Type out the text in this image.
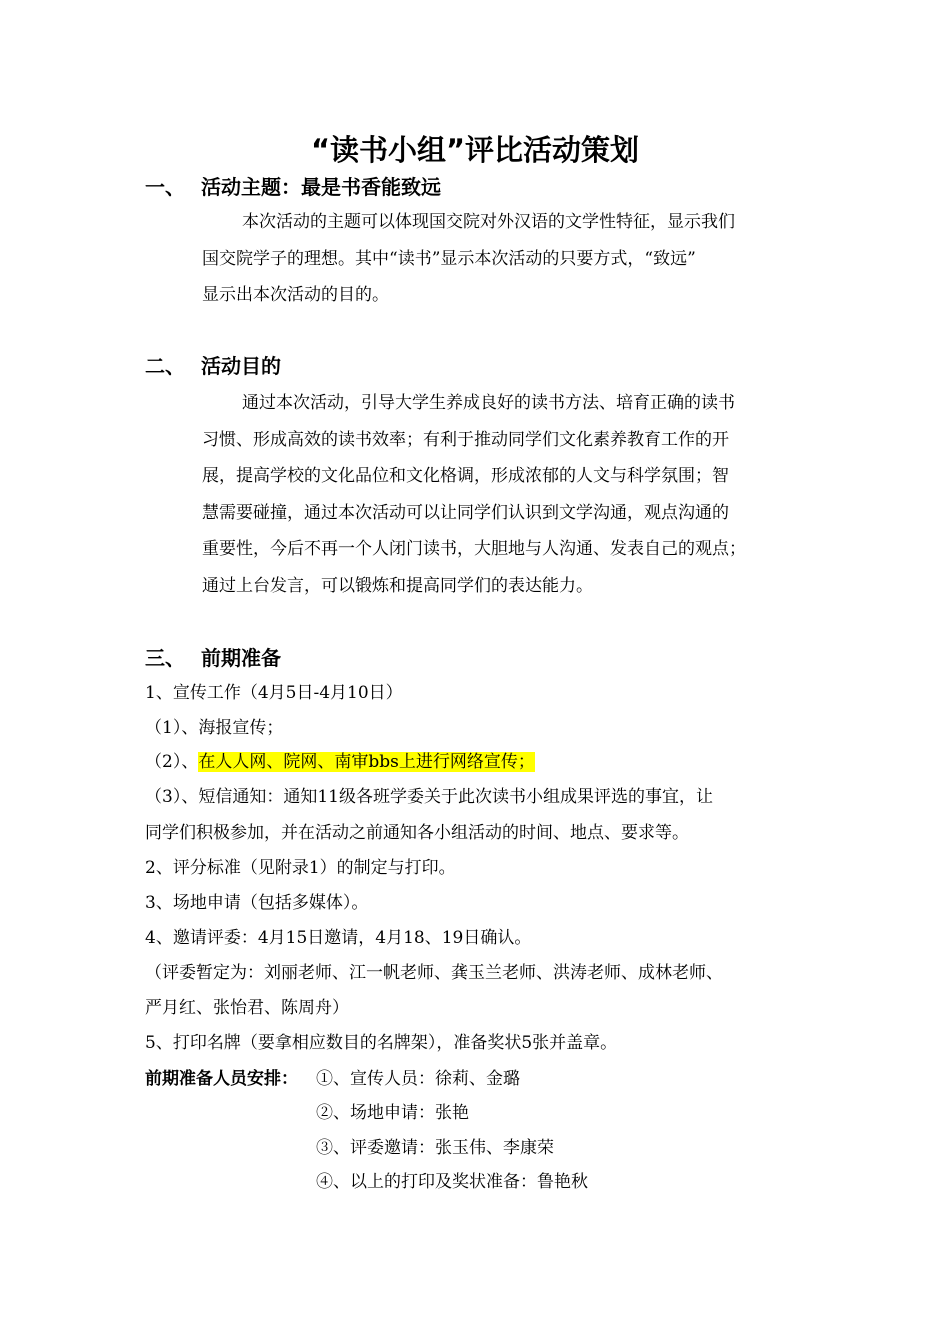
“读书小组”评比活动策划
一、 活动主题：最是书香能致远
本次活动的主题可以体现国交院对外汉语的文学性特征，显示我们
国交院学子的理想。其中“读书”显示本次活动的只要方式，“致远”
显示出本次活动的目的。
二、 活动目的
通过本次活动，引导大学生养成良好的读书方法、培育正确的读书
习惯、形成高效的读书效率；有利于推动同学们文化素养教育工作的开
展，提高学校的文化品位和文化格调，形成浓郁的人文与科学氛围；智
慧需要碰撞，通过本次活动可以让同学们认识到文学沟通，观点沟通的
重要性，今后不再一个人闭门读书，大胆地与人沟通、发表自己的观点；
通过上台发言，可以锻炼和提高同学们的表达能力。
三、 前期准备
1、宣传工作（4月5日-4月10日）
（1）、海报宣传；
（2）、在人人网、院网、南审bbs上进行网络宣传；
（3）、短信通知：通知11级各班学委关于此次读书小组成果评选的事宜，让
同学们积极参加，并在活动之前通知各小组活动的时间、地点、要求等。
2、评分标准（见附录1）的制定与打印。
3、场地申请（包括多媒体）。
4、邀请评委：4月15日邀请，4月18、19日确认。
（评委暂定为：刘丽老师、江一帆老师、龚玉兰老师、洪涛老师、成林老师、
严月红、张怡君、陈周舟）
5、打印名牌（要拿相应数目的名牌架），准备奖状5张并盖章。
前期准备人员安排： ①、宣传人员：徐莉、金璐
②、场地申请：张艳
③、评委邀请：张玉伟、李康荣
④、以上的打印及奖状准备：鲁艳秋
